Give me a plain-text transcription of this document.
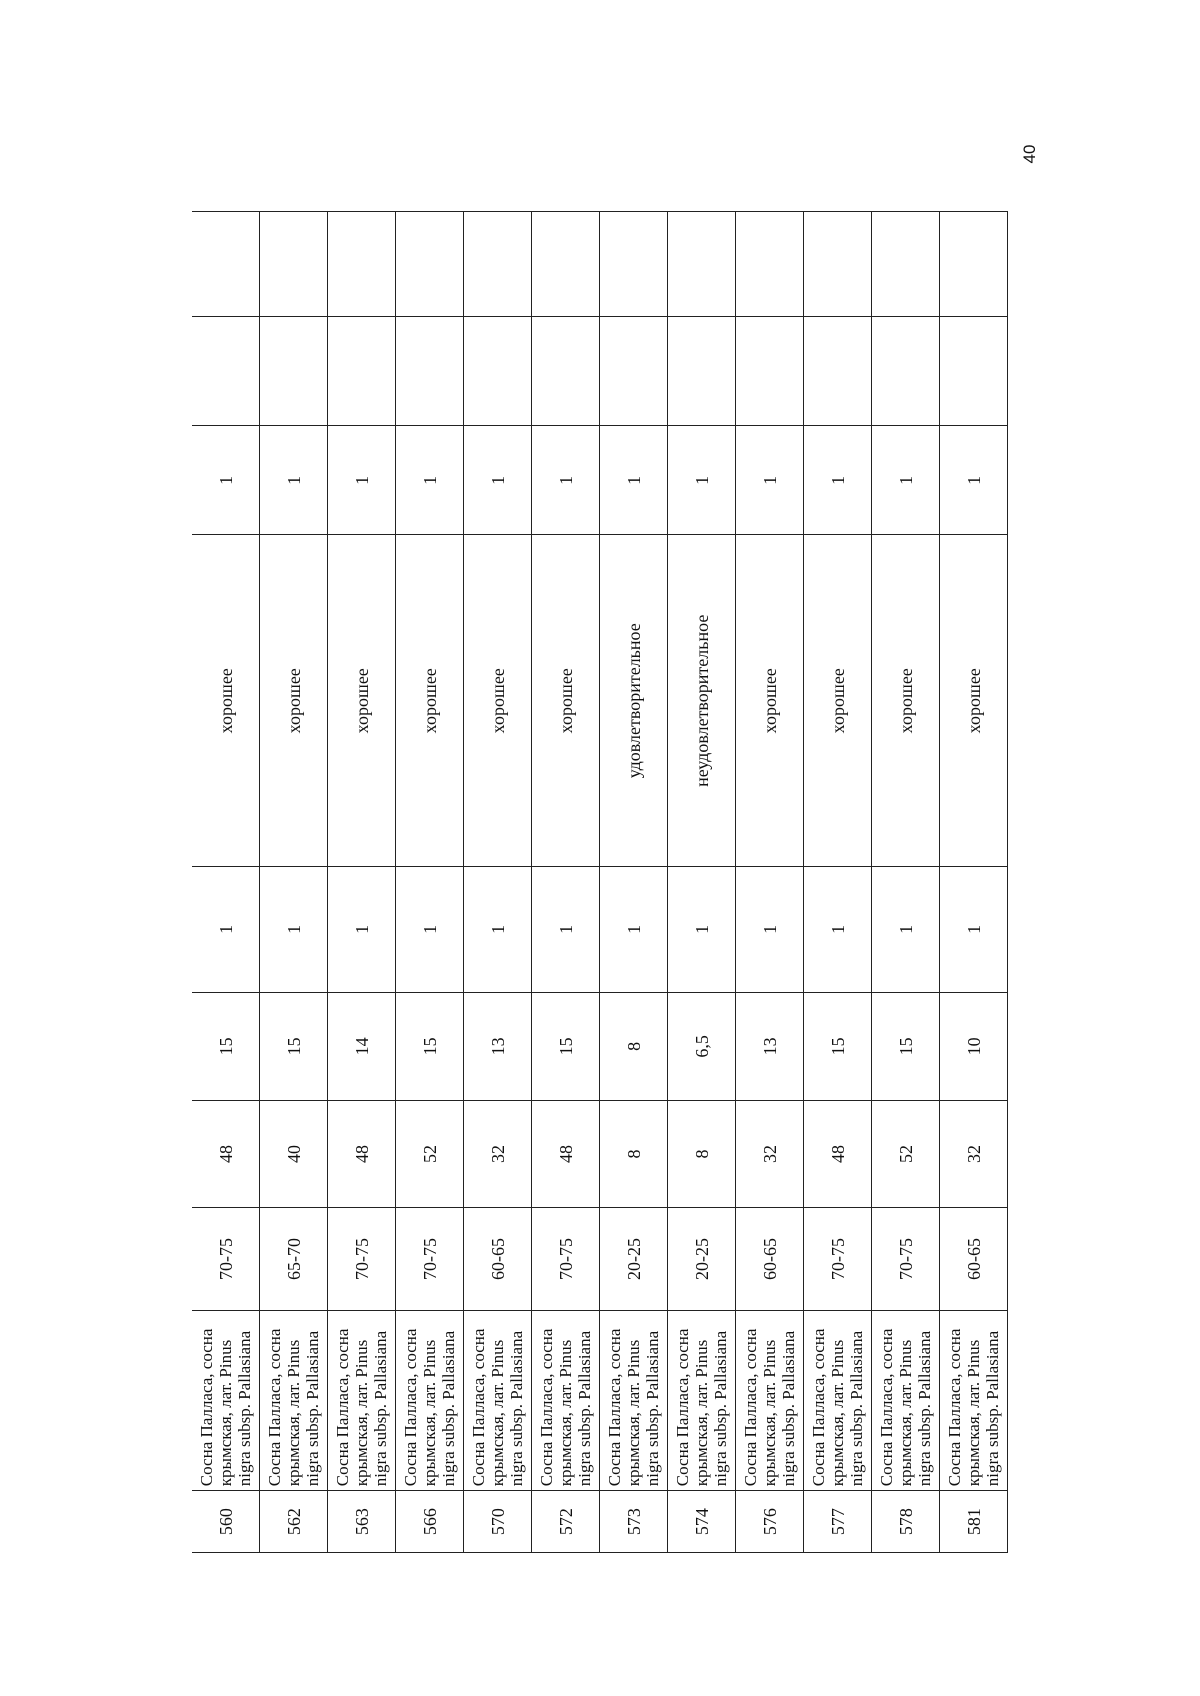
40
560	Сосна Палласа, сосна крымская, лат. Pinus nigra subsp. Pallasiana	70-75	48	15	1	хорошее	1		
562	Сосна Палласа, сосна крымская, лат. Pinus nigra subsp. Pallasiana	65-70	40	15	1	хорошее	1		
563	Сосна Палласа, сосна крымская, лат. Pinus nigra subsp. Pallasiana	70-75	48	14	1	хорошее	1		
566	Сосна Палласа, сосна крымская, лат. Pinus nigra subsp. Pallasiana	70-75	52	15	1	хорошее	1		
570	Сосна Палласа, сосна крымская, лат. Pinus nigra subsp. Pallasiana	60-65	32	13	1	хорошее	1		
572	Сосна Палласа, сосна крымская, лат. Pinus nigra subsp. Pallasiana	70-75	48	15	1	хорошее	1		
573	Сосна Палласа, сосна крымская, лат. Pinus nigra subsp. Pallasiana	20-25	8	8	1	удовлетворительное	1		
574	Сосна Палласа, сосна крымская, лат. Pinus nigra subsp. Pallasiana	20-25	8	6,5	1	неудовлетворительное	1		
576	Сосна Палласа, сосна крымская, лат. Pinus nigra subsp. Pallasiana	60-65	32	13	1	хорошее	1		
577	Сосна Палласа, сосна крымская, лат. Pinus nigra subsp. Pallasiana	70-75	48	15	1	хорошее	1		
578	Сосна Палласа, сосна крымская, лат. Pinus nigra subsp. Pallasiana	70-75	52	15	1	хорошее	1		
581	Сосна Палласа, сосна крымская, лат. Pinus nigra subsp. Pallasiana	60-65	32	10	1	хорошее	1		
